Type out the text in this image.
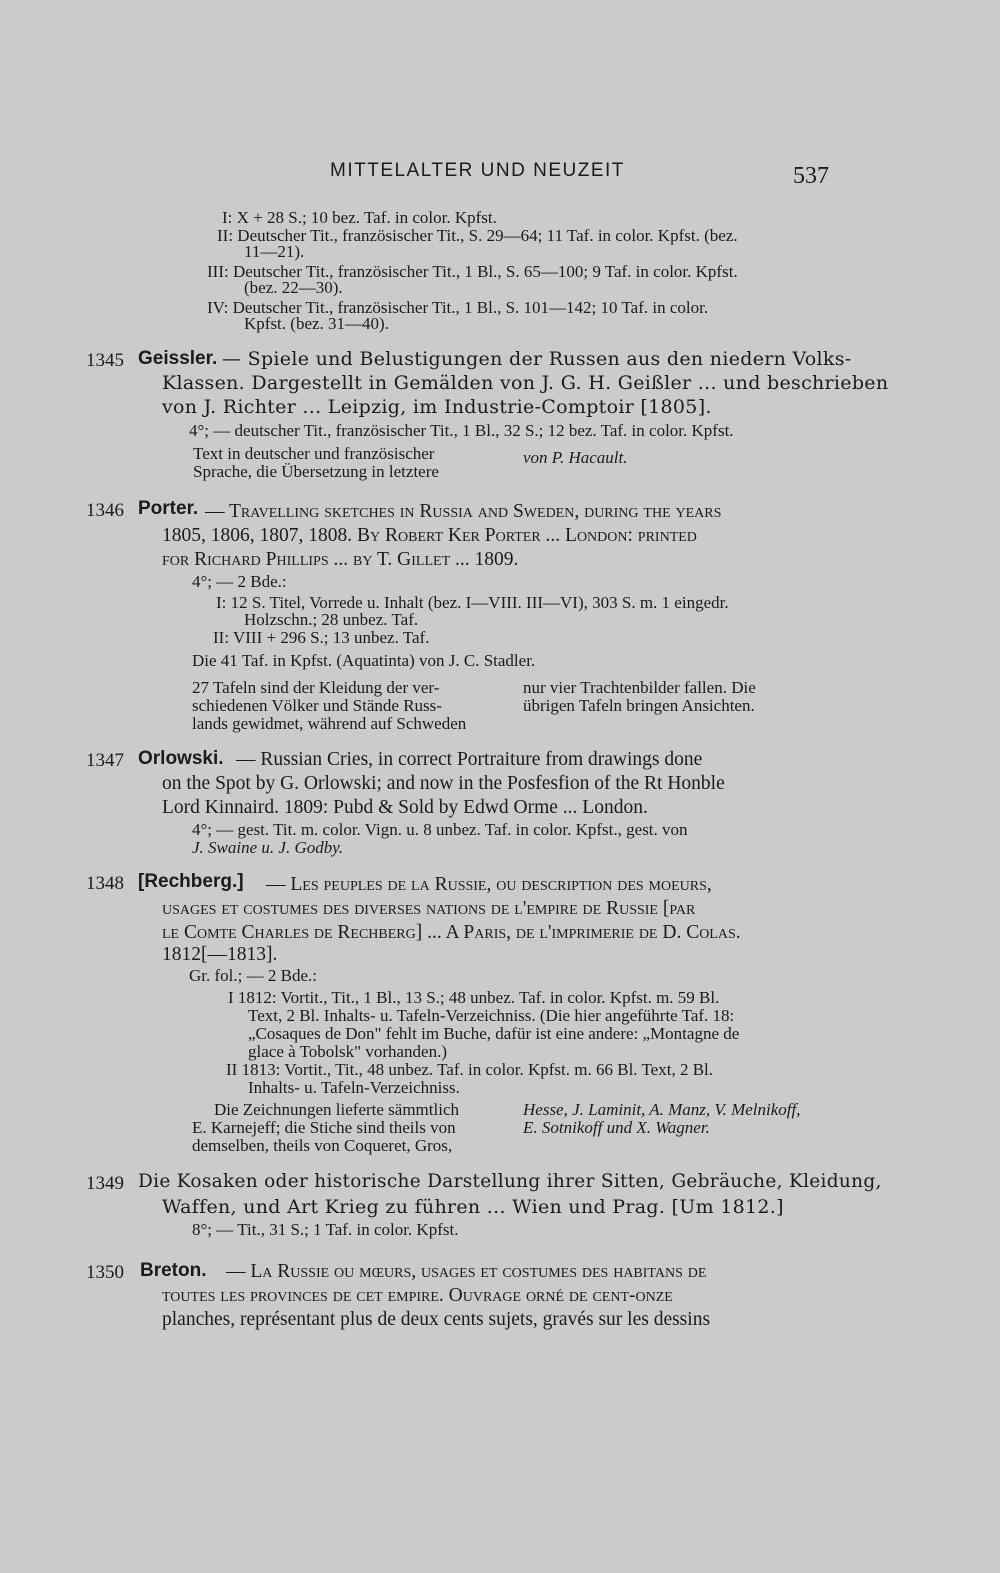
MITTELALTER UND NEUZEIT	537
I: X + 28 S.; 10 bez. Taf. in color. Kpfst.
II: Deutscher Tit., französischer Tit., S. 29—64; 11 Taf. in color. Kpfst. (bez.
11—21).
III: Deutscher Tit., französischer Tit., 1 Bl., S. 65—100; 9 Taf. in color. Kpfst.
(bez. 22—30).
IV: Deutscher Tit., französischer Tit., 1 Bl., S. 101—142; 10 Taf. in color.
Kpfst. (bez. 31—40).
1345 Geissler. — Spiele und Belustigungen der Russen aus den niedern Volks-
Klassen. Dargestellt in Gemälden von J. G. H. Geißler ... und beschrieben
von J. Richter ... Leipzig, im Industrie-Comptoir [1805].
4°; — deutscher Tit., französischer Tit., 1 Bl., 32 S.; 12 bez. Taf. in color. Kpfst.
Text in deutscher und französischer
Sprache, die Übersetzung in letztere
von P. Hacault.
1346 Porter. — Travelling sketches in Russia and Sweden, during the years
1805, 1806, 1807, 1808. By Robert Ker Porter ... London: printed
for Richard Phillips ... by T. Gillet ... 1809.
4°; — 2 Bde.:
I: 12 S. Titel, Vorrede u. Inhalt (bez. I—VIII. III—VI), 303 S. m. 1 eingedr.
Holzschn.; 28 unbez. Taf.
II: VIII + 296 S.; 13 unbez. Taf.
Die 41 Taf. in Kpfst. (Aquatinta) von J. C. Stadler.
27 Tafeln sind der Kleidung der ver-
schiedenen Völker und Stände Russ-
lands gewidmet, während auf Schweden
nur vier Trachtenbilder fallen. Die
übrigen Tafeln bringen Ansichten.
1347 Orlowski. — Russian Cries, in correct Portraiture from drawings done
on the Spot by G. Orlowski; and now in the Posfesfion of the Rt Honble
Lord Kinnaird. 1809: Pubd & Sold by Edwd Orme ... London.
4°; — gest. Tit. m. color. Vign. u. 8 unbez. Taf. in color. Kpfst., gest. von
J. Swaine u. J. Godby.
1348 [Rechberg.] — Les peuples de la Russie, ou description des moeurs,
usages et costumes des diverses nations de l'empire de Russie [par
le Comte Charles de Rechberg] ... A Paris, de l'imprimerie de D. Colas.
1812[—1813].
Gr. fol.; — 2 Bde.:
I 1812: Vortit., Tit., 1 Bl., 13 S.; 48 unbez. Taf. in color. Kpfst. m. 59 Bl.
Text, 2 Bl. Inhalts- u. Tafeln-Verzeichniss. (Die hier angeführte Taf. 18:
„Cosaques de Don" fehlt im Buche, dafür ist eine andere: „Montagne de
glace à Tobolsk" vorhanden.)
II 1813: Vortit., Tit., 48 unbez. Taf. in color. Kpfst. m. 66 Bl. Text, 2 Bl.
Inhalts- u. Tafeln-Verzeichniss.
Die Zeichnungen lieferte sämmtlich
E. Karnejeff; die Stiche sind theils von
demselben, theils von Coqueret, Gros,
Hesse, J. Laminit, A. Manz, V. Melnikoff,
E. Sotnikoff und X. Wagner.
1349 Die Kosaken oder historische Darstellung ihrer Sitten, Gebräuche, Kleidung,
Waffen, und Art Krieg zu führen ... Wien und Prag. [Um 1812.]
8°; — Tit., 31 S.; 1 Taf. in color. Kpfst.
1350 Breton. — La Russie ou mœurs, usages et costumes des habitans de
toutes les provinces de cet empire. Ouvrage orné de cent-onze
planches, représentant plus de deux cents sujets, gravés sur les dessins
